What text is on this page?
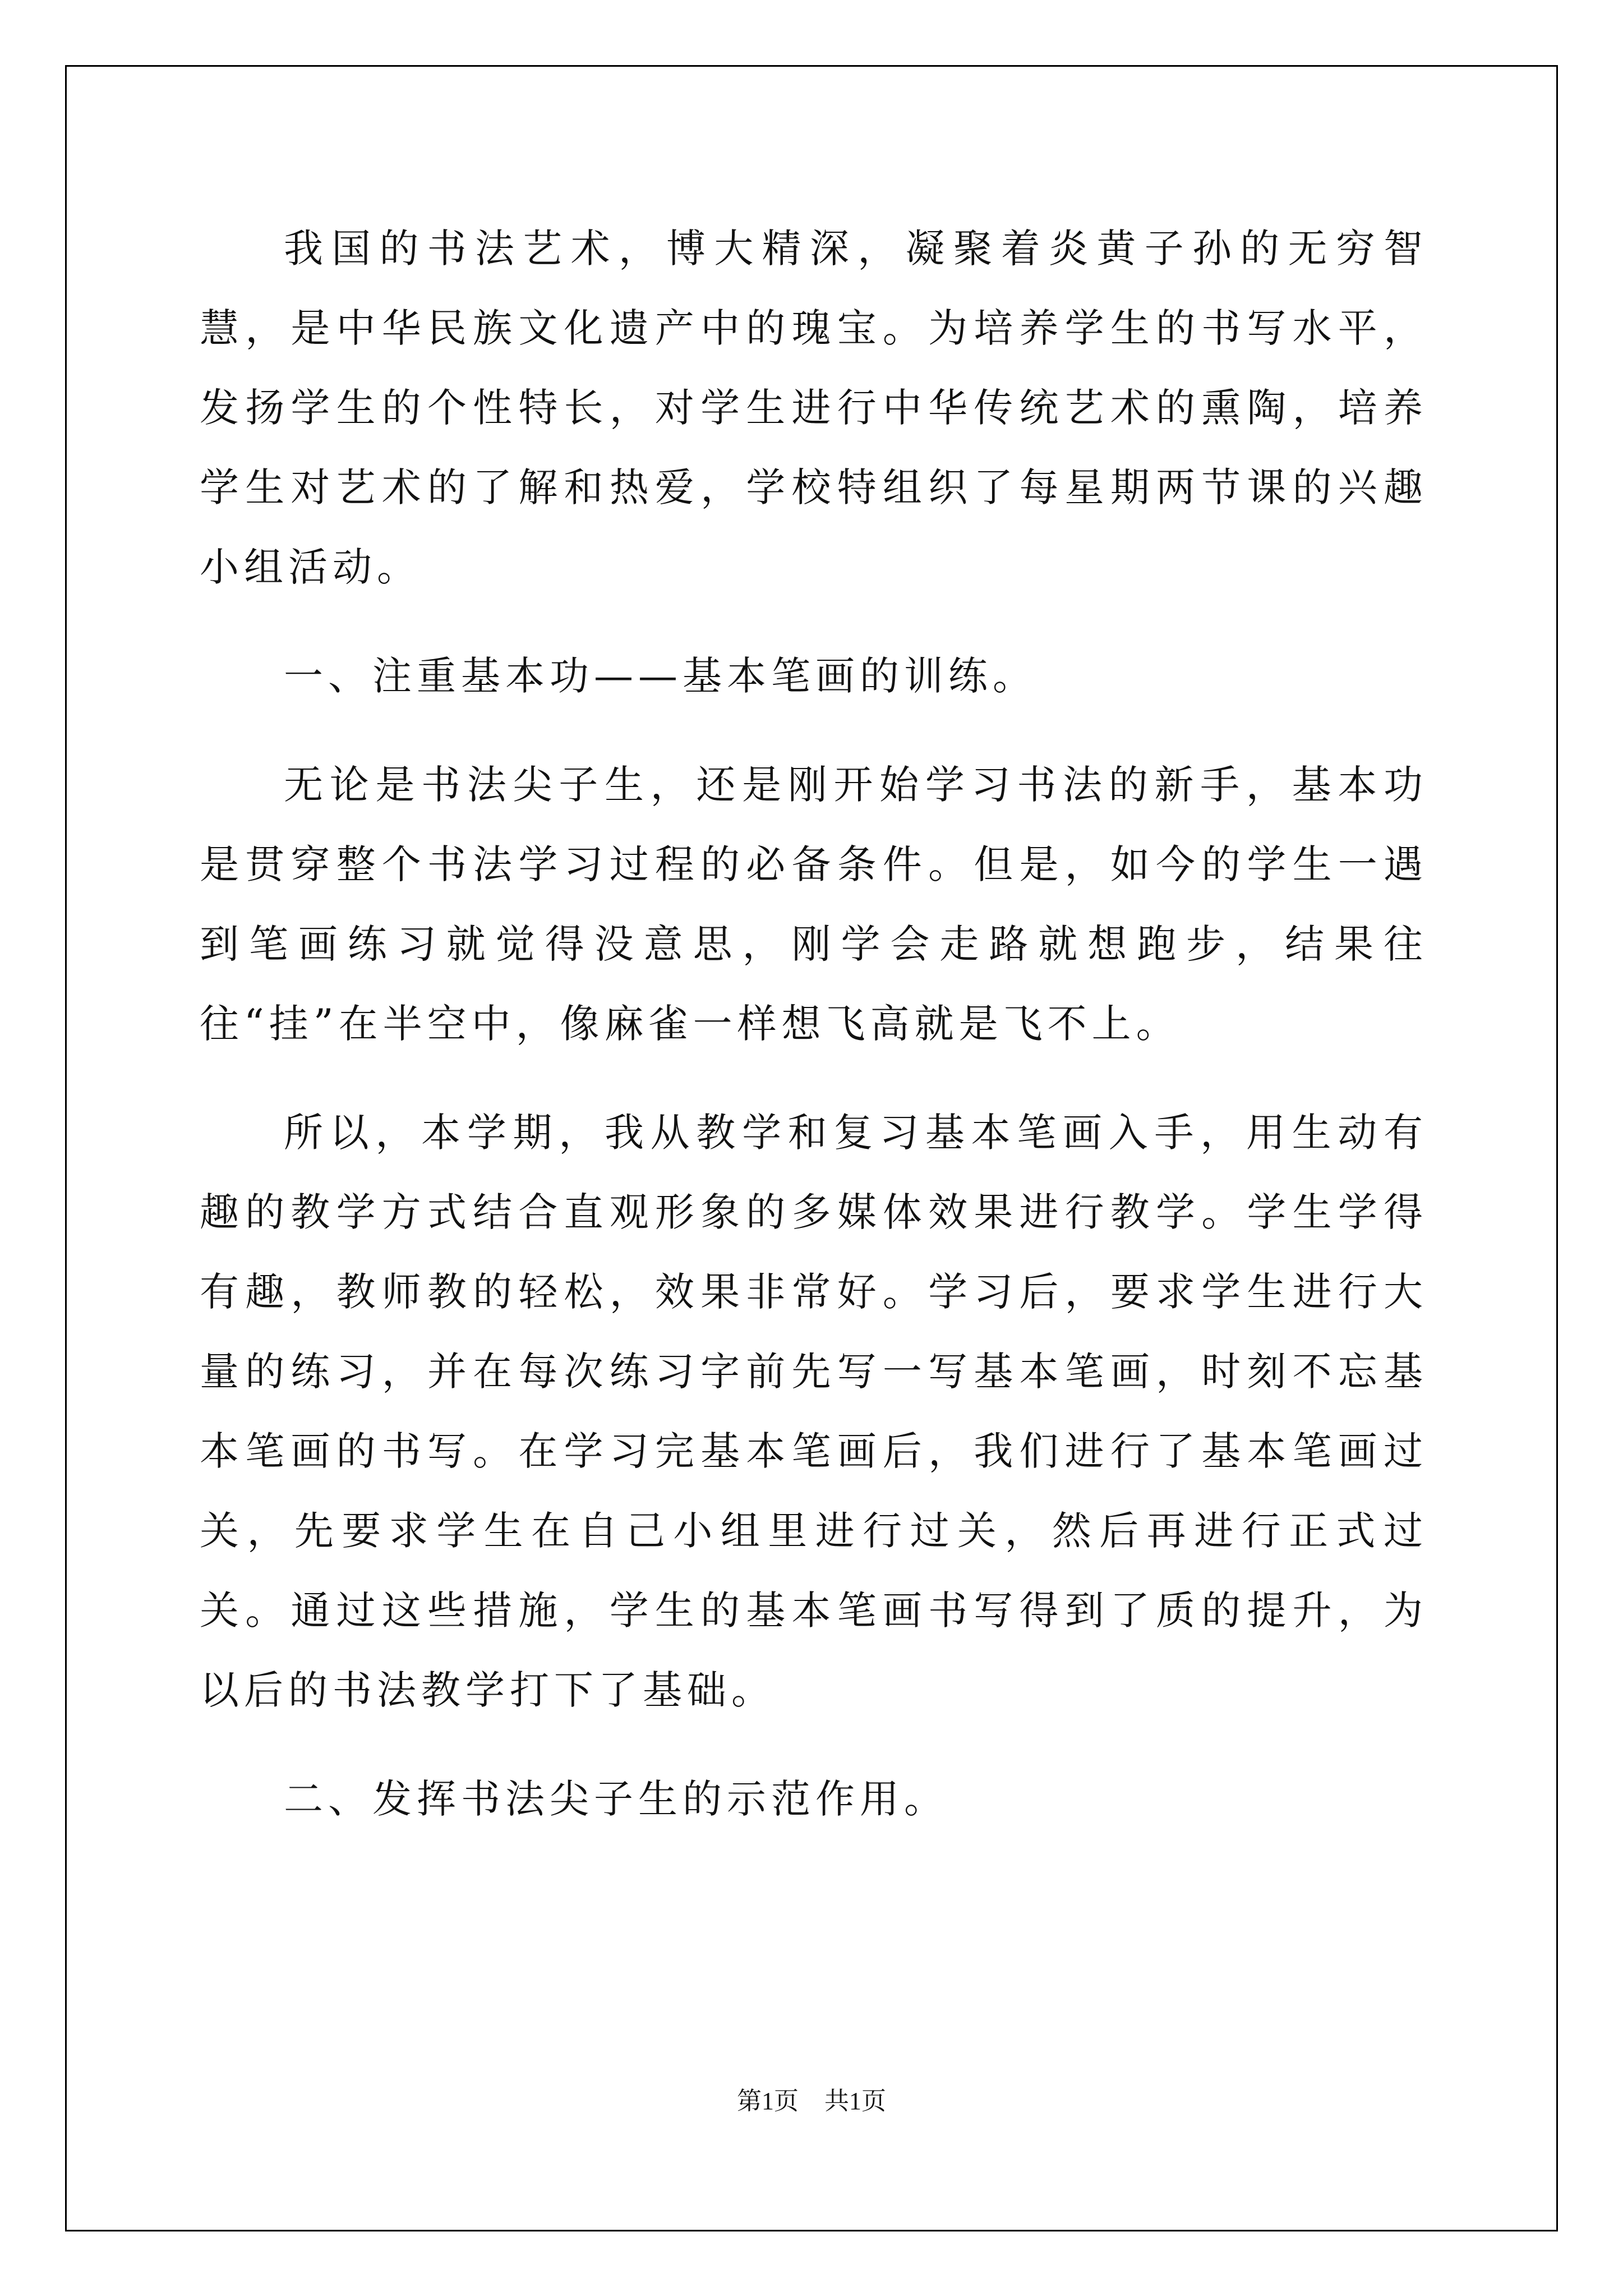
我国的书法艺术，博大精深，凝聚着炎黄子孙的无穷智慧，是中华民族文化遗产中的瑰宝。为培养学生的书写水平，发扬学生的个性特长，对学生进行中华传统艺术的熏陶，培养学生对艺术的了解和热爱，学校特组织了每星期两节课的兴趣小组活动。

一、注重基本功——基本笔画的训练。

无论是书法尖子生，还是刚开始学习书法的新手，基本功是贯穿整个书法学习过程的必备条件。但是，如今的学生一遇到笔画练习就觉得没意思，刚学会走路就想跑步，结果往往“挂”在半空中，像麻雀一样想飞高就是飞不上。

所以，本学期，我从教学和复习基本笔画入手，用生动有趣的教学方式结合直观形象的多媒体效果进行教学。学生学得有趣，教师教的轻松，效果非常好。学习后，要求学生进行大量的练习，并在每次练习字前先写一写基本笔画，时刻不忘基本笔画的书写。在学习完基本笔画后，我们进行了基本笔画过关，先要求学生在自己小组里进行过关，然后再进行正式过关。通过这些措施，学生的基本笔画书写得到了质的提升，为以后的书法教学打下了基础。

二、发挥书法尖子生的示范作用。

第1页 共1页
